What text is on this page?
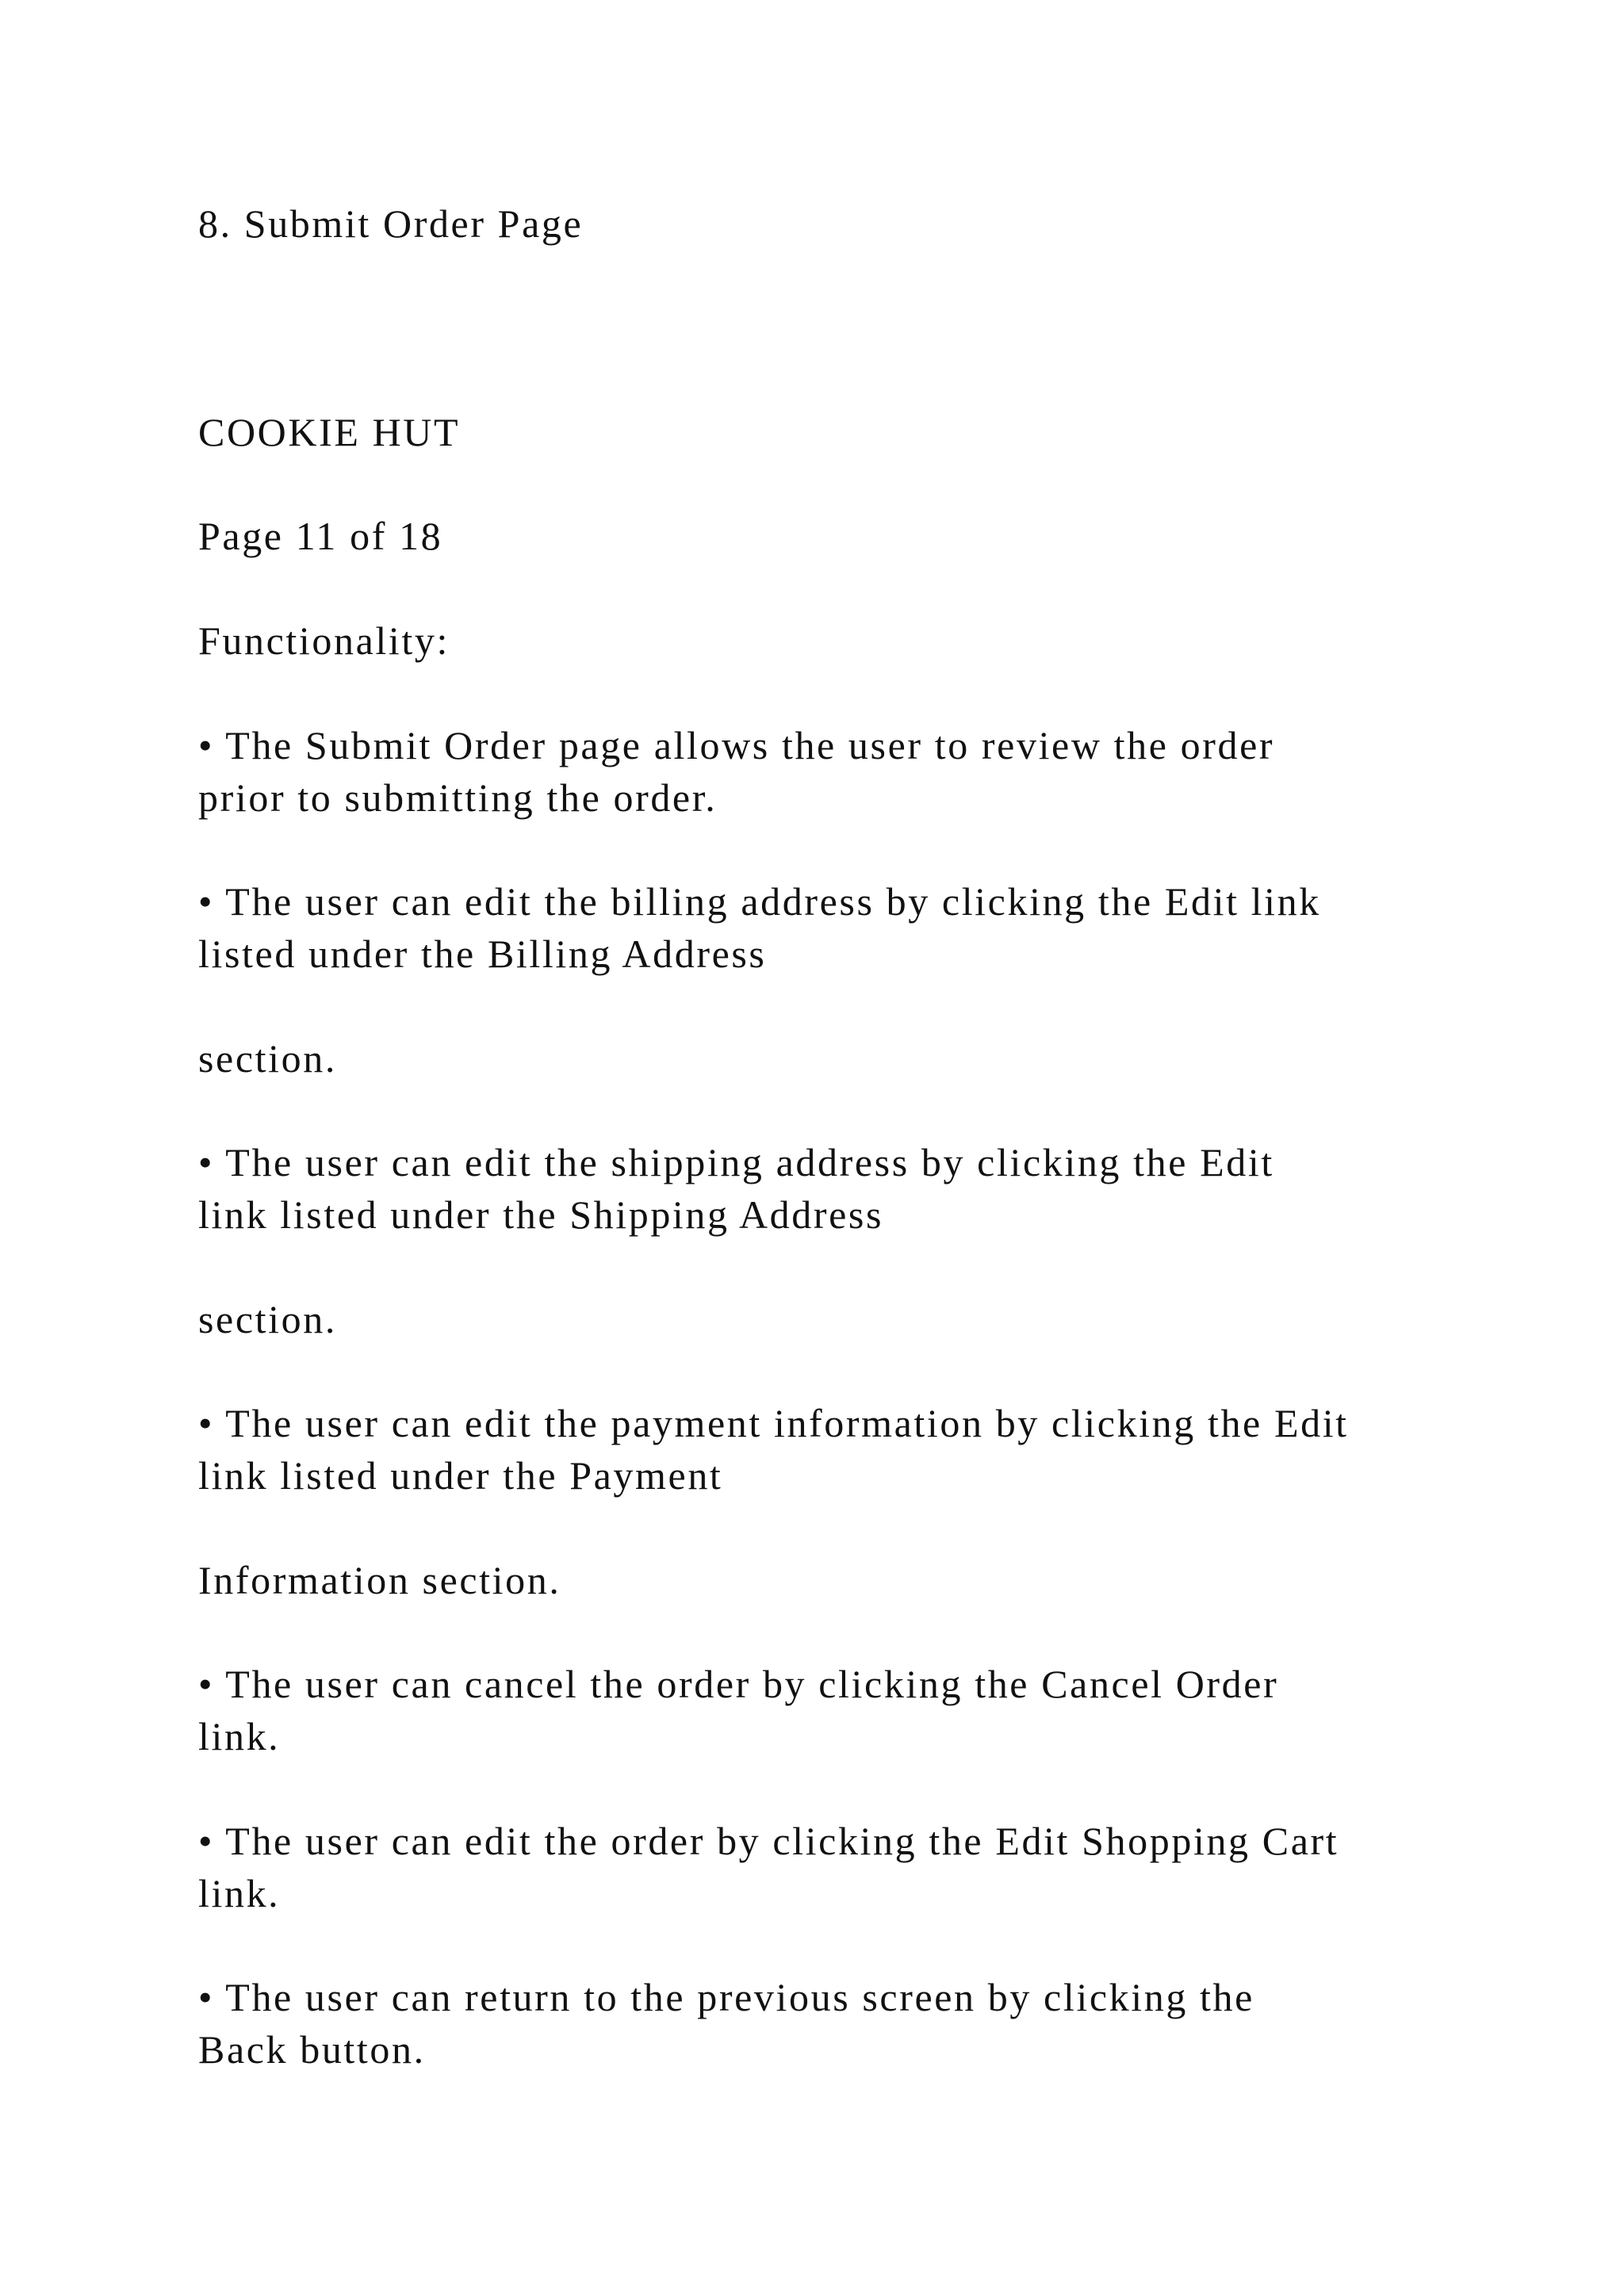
8. Submit Order Page

COOKIE HUT

Page 11 of 18

Functionality:

• The Submit Order page allows the user to review the order

prior to submitting the order.

• The user can edit the billing address by clicking the Edit link

listed under the Billing Address

section.

• The user can edit the shipping address by clicking the Edit

link listed under the Shipping Address

section.

• The user can edit the payment information by clicking the Edit

link listed under the Payment

Information section.

• The user can cancel the order by clicking the Cancel Order

link.

• The user can edit the order by clicking the Edit Shopping Cart

link.

• The user can return to the previous screen by clicking the

Back button.
